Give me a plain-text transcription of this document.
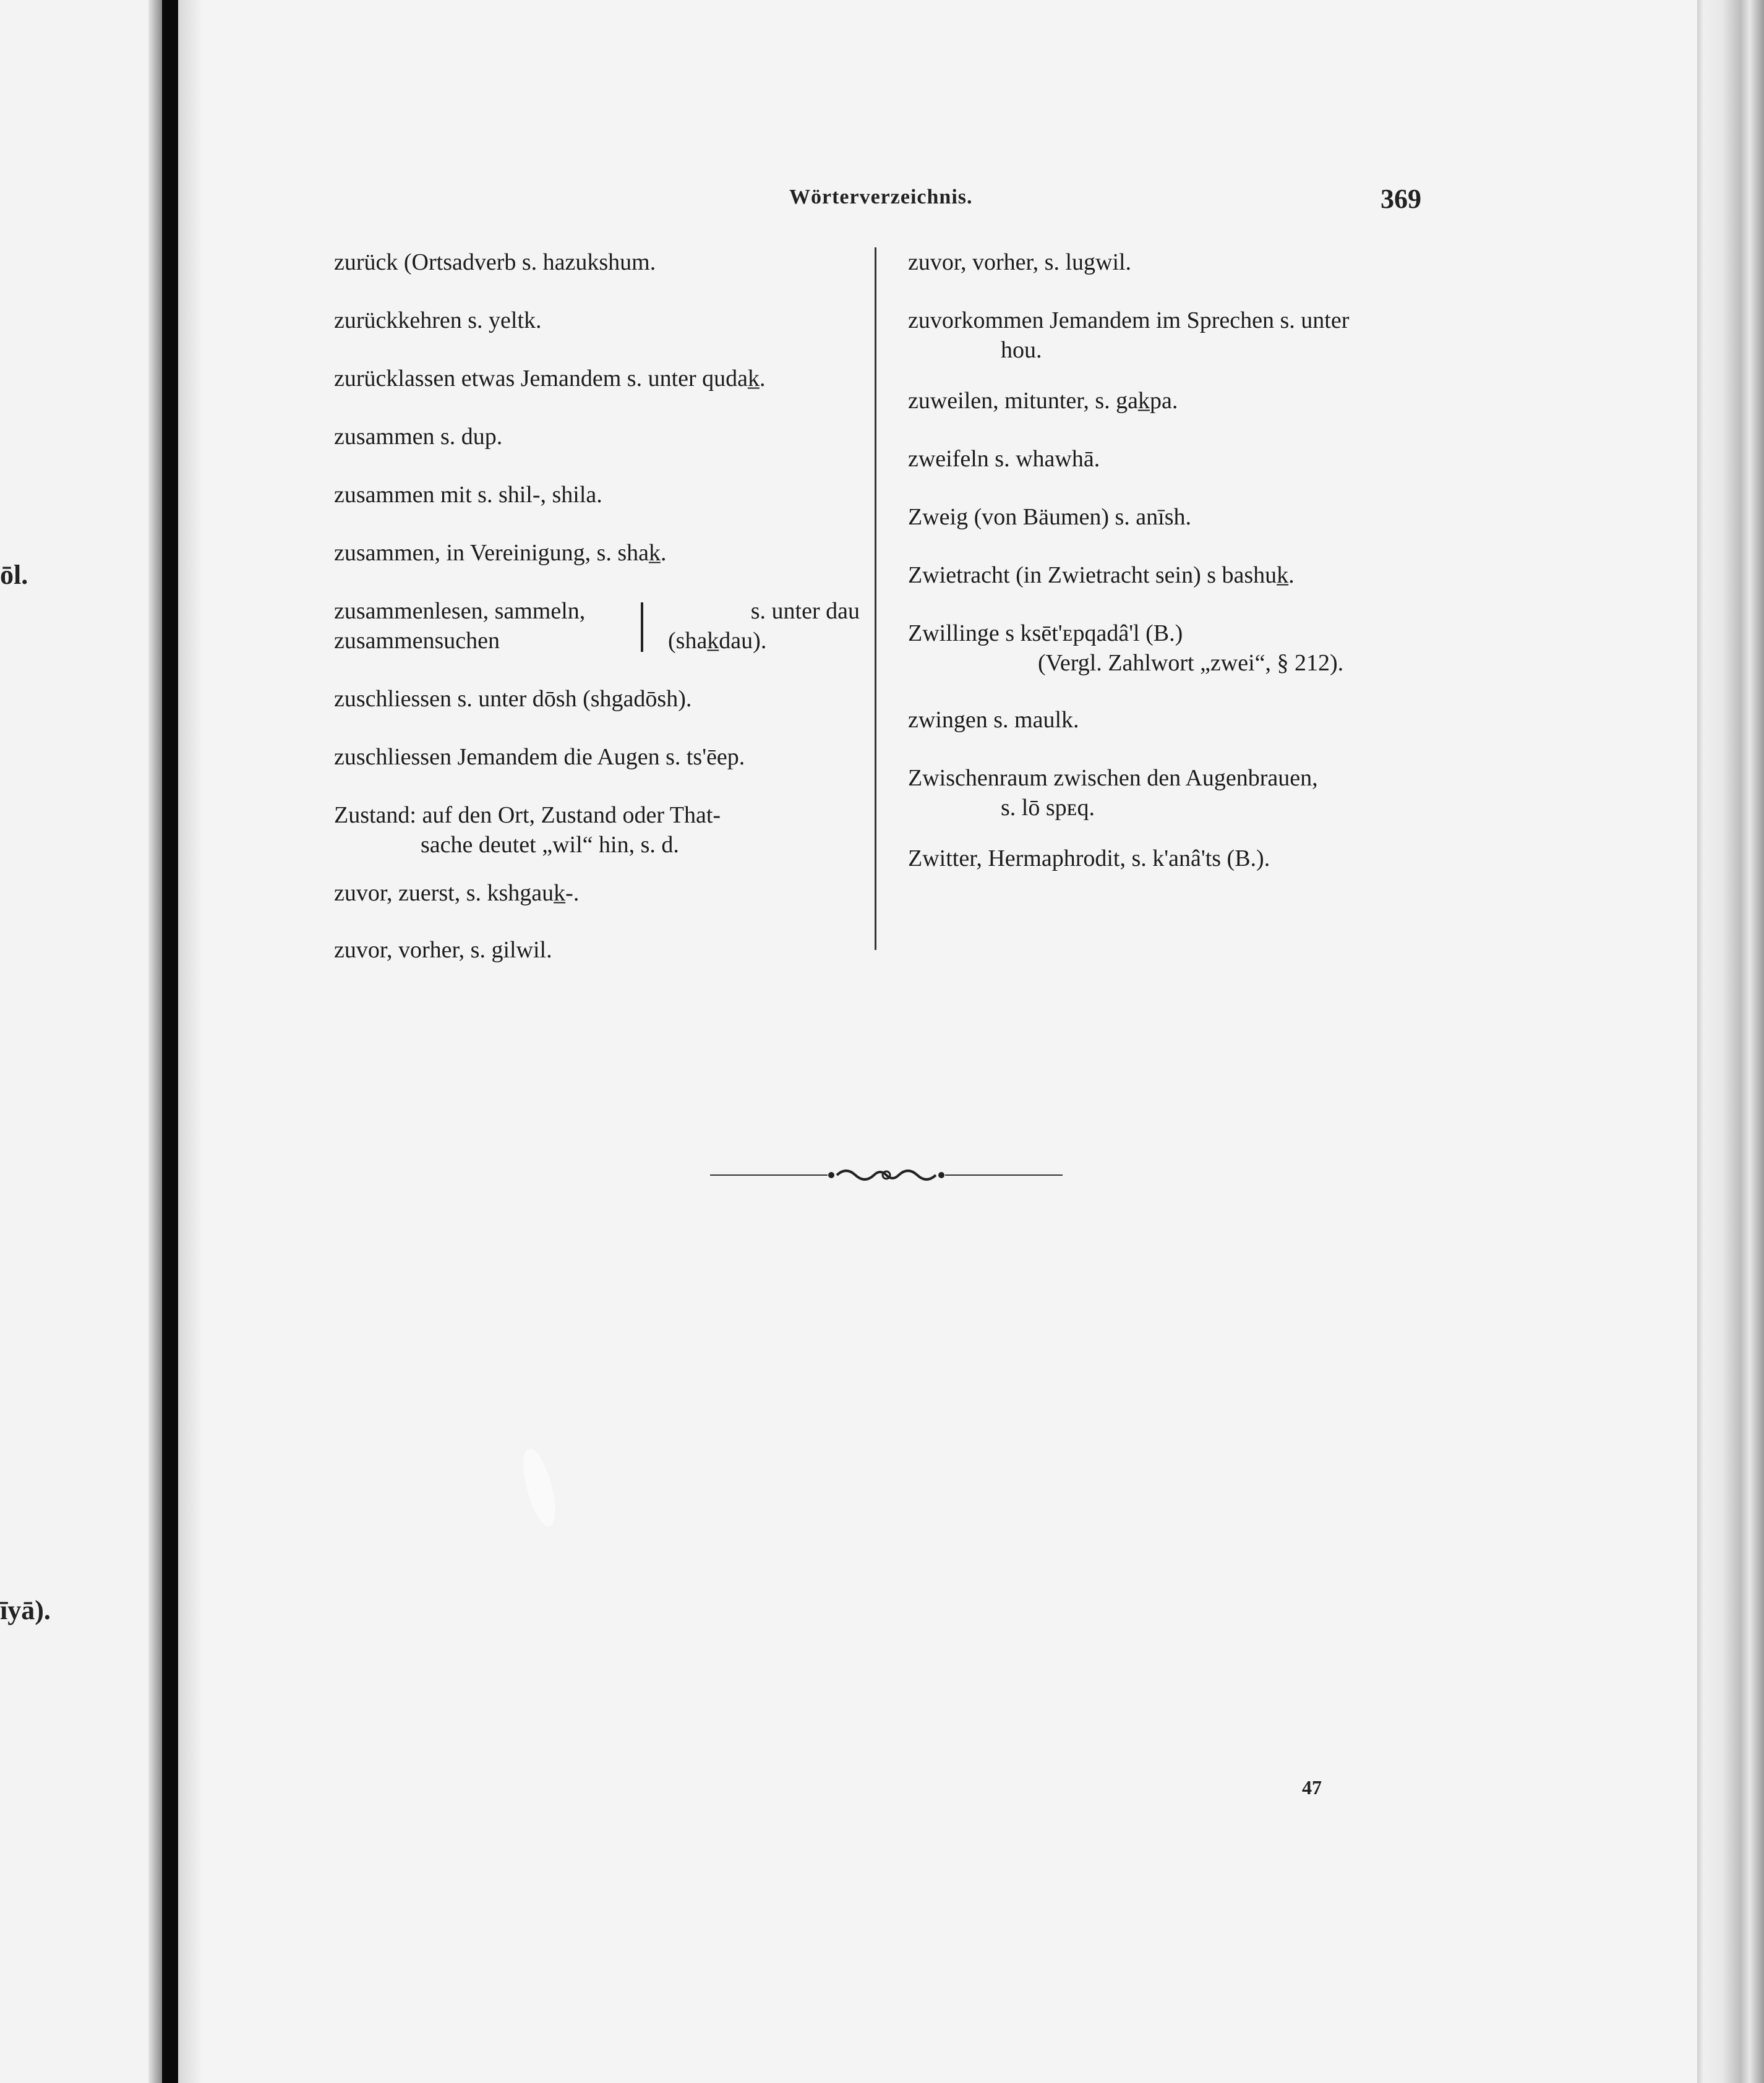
ōl.
īyā).
Wörterverzeichnis.	369
zurück (Ortsadverb s. hazukshum.
zurückkehren s. yeltk.
zurücklassen etwas Jemandem s. unter qudak̲.
zusammen s. dup.
zusammen mit s. shil-, shila.
zusammen, in Vereinigung, s. shak̲.
zusammenlesen, sammeln,
zusammensuchen
s. unter dau
(shak̲dau).
zuschliessen s. unter dōsh (shgadōsh).
zuschliessen Jemandem die Augen s. ts'ēep.
Zustand: auf den Ort, Zustand oder That-
sache deutet „wil“ hin, s. d.
zuvor, zuerst, s. kshgauk̲-.
zuvor, vorher, s. gilwil.
zuvor, vorher, s. lugwil.
zuvorkommen Jemandem im Sprechen s. unter
hou.
zuweilen, mitunter, s. gak̲pa.
zweifeln s. whawhā.
Zweig (von Bäumen) s. anīsh.
Zwietracht (in Zwietracht sein) s bashuk̲.
Zwillinge s ksēt'ᴇpqadâ'l (B.)
(Vergl. Zahlwort „zwei“, § 212).
zwingen s. maulk.
Zwischenraum zwischen den Augenbrauen,
s. lō spᴇq.
Zwitter, Hermaphrodit, s. k'anâ'ts (B.).
47
